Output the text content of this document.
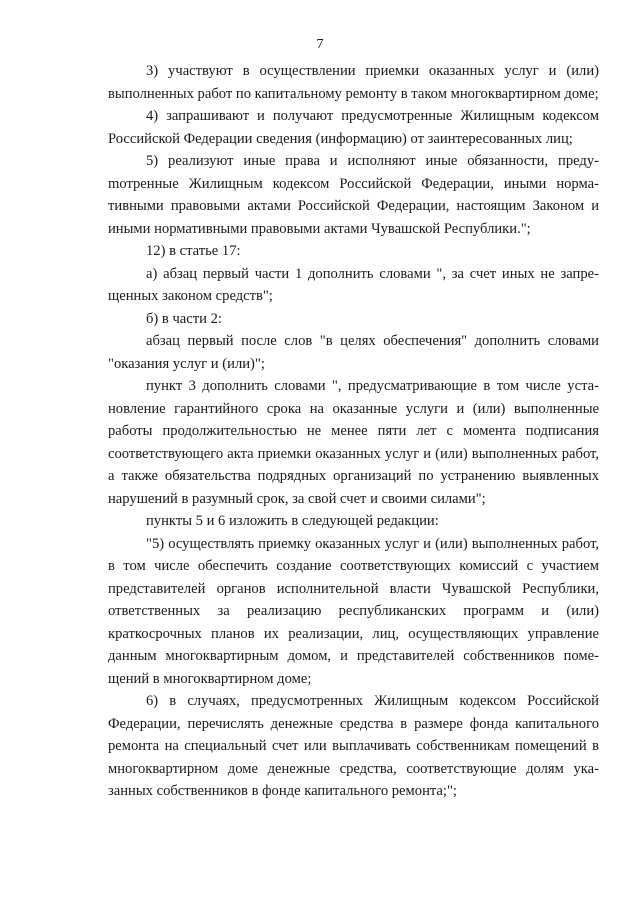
7

3) участвуют в осуществлении приемки оказанных услуг и (или) выполненных работ по капитальному ремонту в таком многоквартирном доме;

4) запрашивают и получают предусмотренные Жилищным кодексом Российской Федерации сведения (информацию) от заинтересованных лиц;

5) реализуют иные права и исполняют иные обязанности, предуmотренные Жилищным кодексом Российской Федерации, иными нормативными правовыми актами Российской Федерации, настоящим Законом и иными нормативными правовыми актами Чувашской Республики.";

12) в статье 17:

а) абзац первый части 1 дополнить словами ", за счет иных не запрещенных законом средств";

б) в части 2:

абзац первый после слов "в целях обеспечения" дополнить словами "оказания услуг и (или)";

пункт 3 дополнить словами ", предусматривающие в том числе установление гарантийного срока на оказанные услуги и (или) выполненные работы продолжительностью не менее пяти лет с момента подписания соответствующего акта приемки оказанных услуг и (или) выполненных работ, а также обязательства подрядных организаций по устранению выявленных нарушений в разумный срок, за свой счет и своими силами";

пункты 5 и 6 изложить в следующей редакции:

"5) осуществлять приемку оказанных услуг и (или) выполненных работ, в том числе обеспечить создание соответствующих комиссий с участием представителей органов исполнительной власти Чувашской Республики, ответственных за реализацию республиканских программ и (или) краткосрочных планов их реализации, лиц, осуществляющих управление данным многоквартирным домом, и представителей собственников помещений в многоквартирном доме;

6) в случаях, предусмотренных Жилищным кодексом Российской Федерации, перечислять денежные средства в размере фонда капитального ремонта на специальный счет или выплачивать собственникам помещений в многоквартирном доме денежные средства, соответствующие долям указанных собственников в фонде капитального ремонта;";
